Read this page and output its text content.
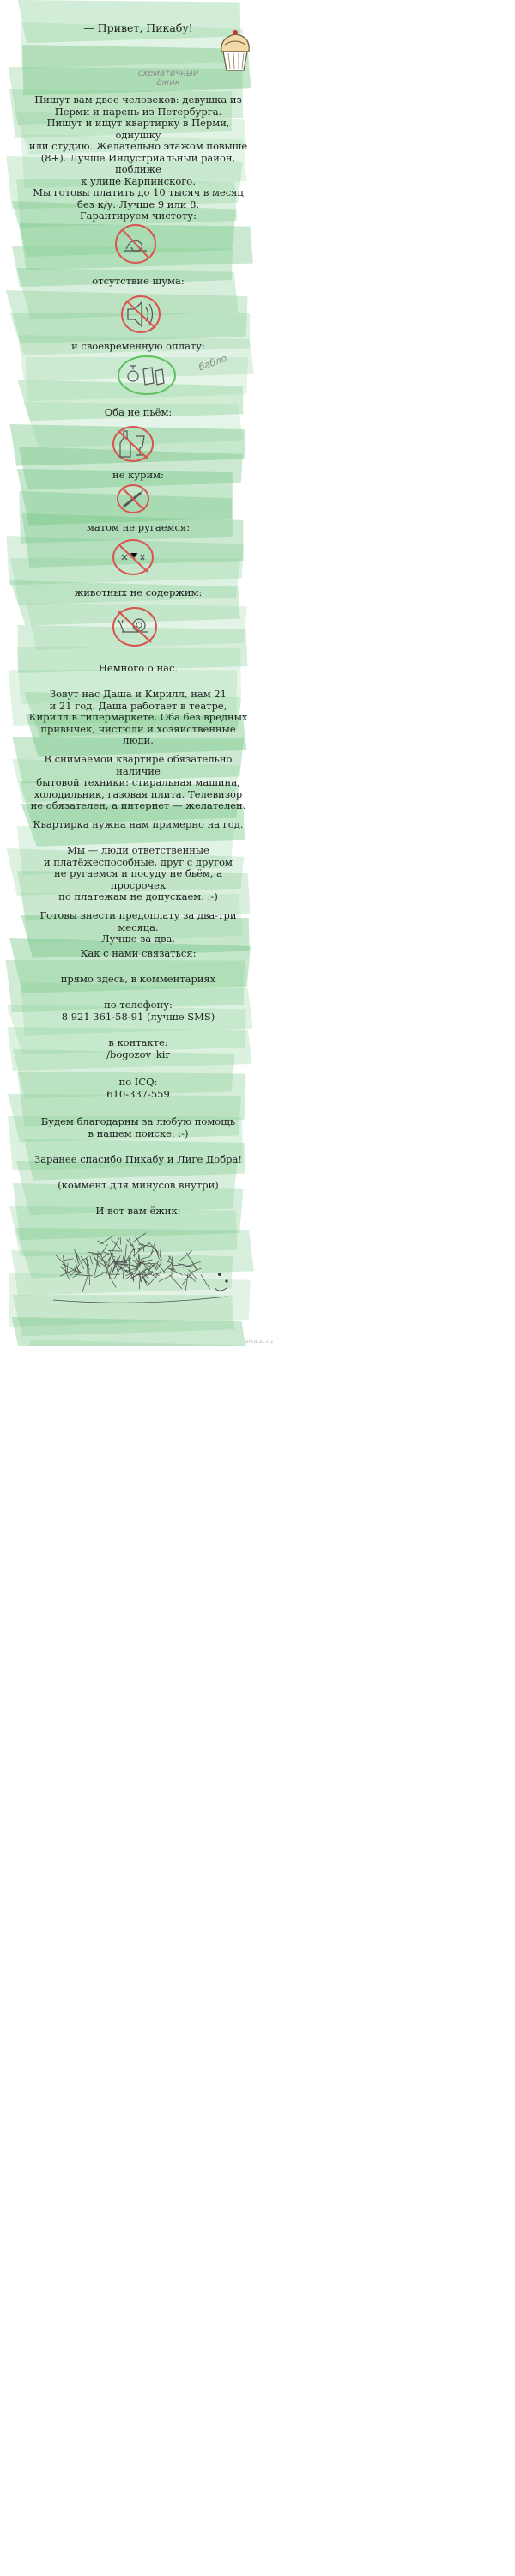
— Привет, Пикабу!

схематичный
ёжик

Пишут вам двое человеков: девушка из
Перми и парень из Петербурга.
Пишут и ищут квартирку в Перми, однушку
или студию. Желательно этажом повыше
(8+). Лучше Индустриальный район, поближе
к улице Карпинского.
Мы готовы платить до 10 тысяч в месяц
без к/у. Лучше 9 или 8.
Гарантируем чистоту:

отсутствие шума:

и своевременную оплату:

бабло

Оба не пьём:

не курим:

матом не ругаемся:

животных не содержим:

Немного о нас.

Зовут нас Даша и Кирилл, нам 21
и 21 год. Даша работает в театре,
Кирилл в гипермаркете. Оба без вредных
привычек, чистюли и хозяйственные люди.

В снимаемой квартире обязательно наличие
бытовой техники: стиральная машина,
холодильник, газовая плита. Телевизор
не обязателен, а интернет — желателен.

Квартирка нужна нам примерно на год.

Мы — люди ответственные
и платёжеспособные, друг с другом
не ругаемся и посуду не бьём, а просрочек
по платежам не допускаем. :-)

Готовы внести предоплату за два-три месяца.
Лучше за два.

Как с нами связаться:

прямо здесь, в комментариях

по телефону:
8 921 361-58-91 (лучше SMS)

в контакте:
/bogozov_kir

по ICQ:
610-337-559

Будем благодарны за любую помощь
в нашем поиске. :-)

Заранее спасибо Пикабу и Лиге Добра!

(коммент для минусов внутри)

И вот вам ёжик:

pikabu.ru
